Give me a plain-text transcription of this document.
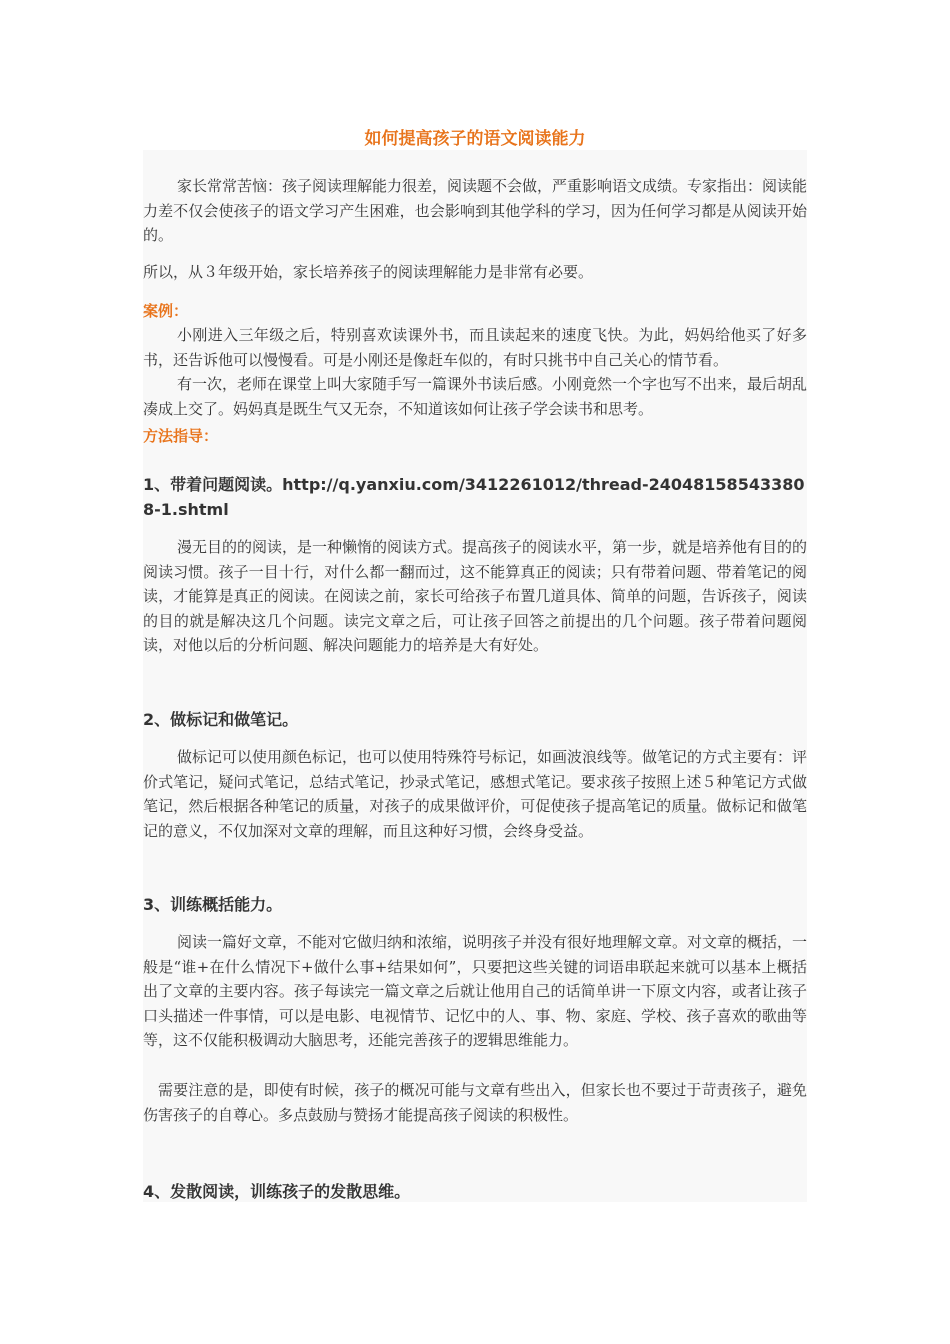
如何提高孩子的语文阅读能力

家长常常苦恼：孩子阅读理解能力很差，阅读题不会做，严重影响语文成绩。专家指出：阅读能力差不仅会使孩子的语文学习产生困难，也会影响到其他学科的学习，因为任何学习都是从阅读开始的。

所以，从３年级开始，家长培养孩子的阅读理解能力是非常有必要。

案例：

小刚进入三年级之后，特别喜欢读课外书，而且读起来的速度飞快。为此，妈妈给他买了好多书，还告诉他可以慢慢看。可是小刚还是像赶车似的，有时只挑书中自己关心的情节看。

有一次，老师在课堂上叫大家随手写一篇课外书读后感。小刚竟然一个字也写不出来，最后胡乱凑成上交了。妈妈真是既生气又无奈，不知道该如何让孩子学会读书和思考。

方法指导：

1、带着问题阅读。http://q.yanxiu.com/3412261012/thread-240481585433808-1.shtml

漫无目的的阅读，是一种懒惰的阅读方式。提高孩子的阅读水平，第一步，就是培养他有目的的阅读习惯。孩子一目十行，对什么都一翻而过，这不能算真正的阅读；只有带着问题、带着笔记的阅读，才能算是真正的阅读。在阅读之前，家长可给孩子布置几道具体、简单的问题，告诉孩子，阅读的目的就是解决这几个问题。读完文章之后，可让孩子回答之前提出的几个问题。孩子带着问题阅读，对他以后的分析问题、解决问题能力的培养是大有好处。

2、做标记和做笔记。

做标记可以使用颜色标记，也可以使用特殊符号标记，如画波浪线等。做笔记的方式主要有：评价式笔记，疑问式笔记，总结式笔记，抄录式笔记，感想式笔记。要求孩子按照上述５种笔记方式做笔记，然后根据各种笔记的质量，对孩子的成果做评价，可促使孩子提高笔记的质量。做标记和做笔记的意义，不仅加深对文章的理解，而且这种好习惯，会终身受益。

3、训练概括能力。

阅读一篇好文章，不能对它做归纳和浓缩，说明孩子并没有很好地理解文章。对文章的概括，一般是“谁+在什么情况下+做什么事+结果如何”，只要把这些关键的词语串联起来就可以基本上概括出了文章的主要内容。孩子每读完一篇文章之后就让他用自己的话简单讲一下原文内容，或者让孩子口头描述一件事情，可以是电影、电视情节、记忆中的人、事、物、家庭、学校、孩子喜欢的歌曲等等，这不仅能积极调动大脑思考，还能完善孩子的逻辑思维能力。

需要注意的是，即使有时候，孩子的概况可能与文章有些出入，但家长也不要过于苛责孩子，避免伤害孩子的自尊心。多点鼓励与赞扬才能提高孩子阅读的积极性。

4、发散阅读，训练孩子的发散思维。
